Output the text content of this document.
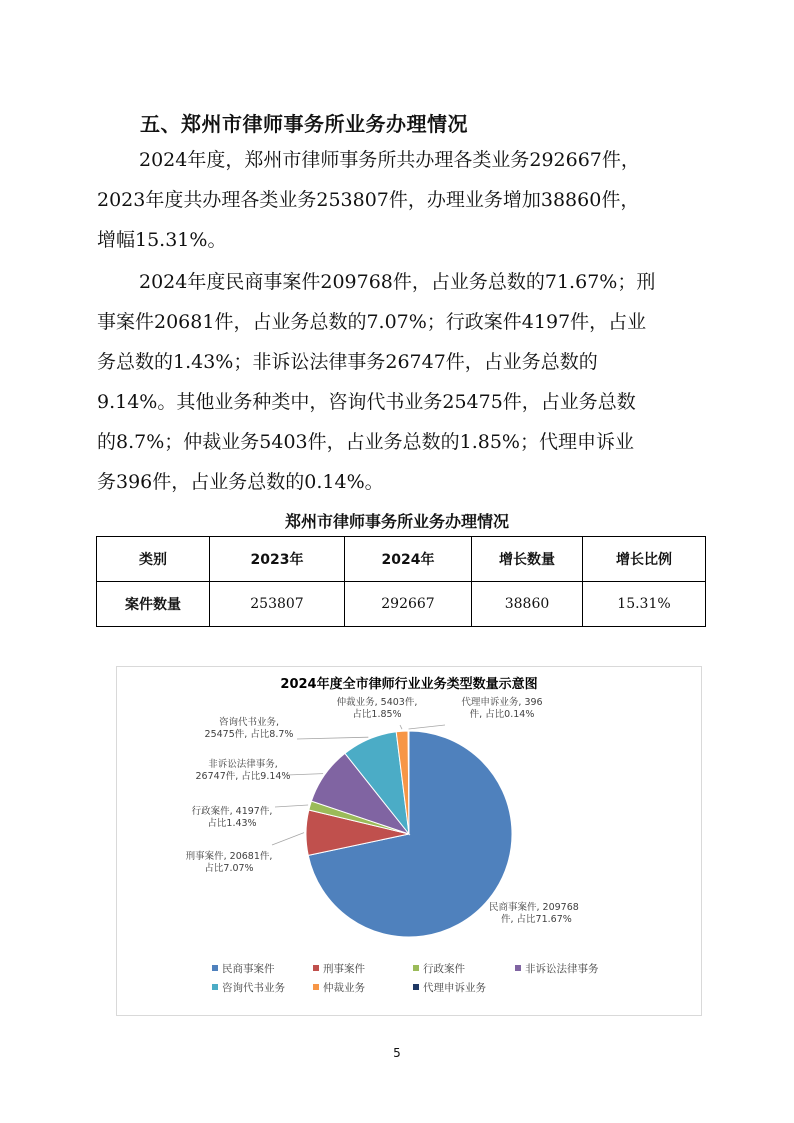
五、郑州市律师事务所业务办理情况
2024年度，郑州市律师事务所共办理各类业务292667件，
2023年度共办理各类业务253807件，办理业务增加38860件，
增幅15.31%。
2024年度民商事案件209768件，占业务总数的71.67%；刑
事案件20681件，占业务总数的7.07%；行政案件4197件，占业
务总数的1.43%；非诉讼法律事务26747件，占业务总数的
9.14%。其他业务种类中，咨询代书业务25475件，占业务总数
的8.7%；仲裁业务5403件，占业务总数的1.85%；代理申诉业
务396件，占业务总数的0.14%。
郑州市律师事务所业务办理情况
类别	2023年	2024年	增长数量	增长比例
案件数量	253807	292667	38860	15.31%
2024年度全市律师行业业务类型数量示意图
民商事案件, 209768 件, 占比71.67%
刑事案件, 20681件,占比7.07%
行政案件, 4197件,占比1.43%
非诉讼法律事务, 26747件, 占比9.14%
咨询代书业务, 25475件, 占比8.7%
仲裁业务, 5403件,占比1.85%
代理申诉业务, 396 件, 占比0.14%
民商事案件	刑事案件	行政案件	非诉讼法律事务
咨询代书业务	仲裁业务	代理申诉业务
5
